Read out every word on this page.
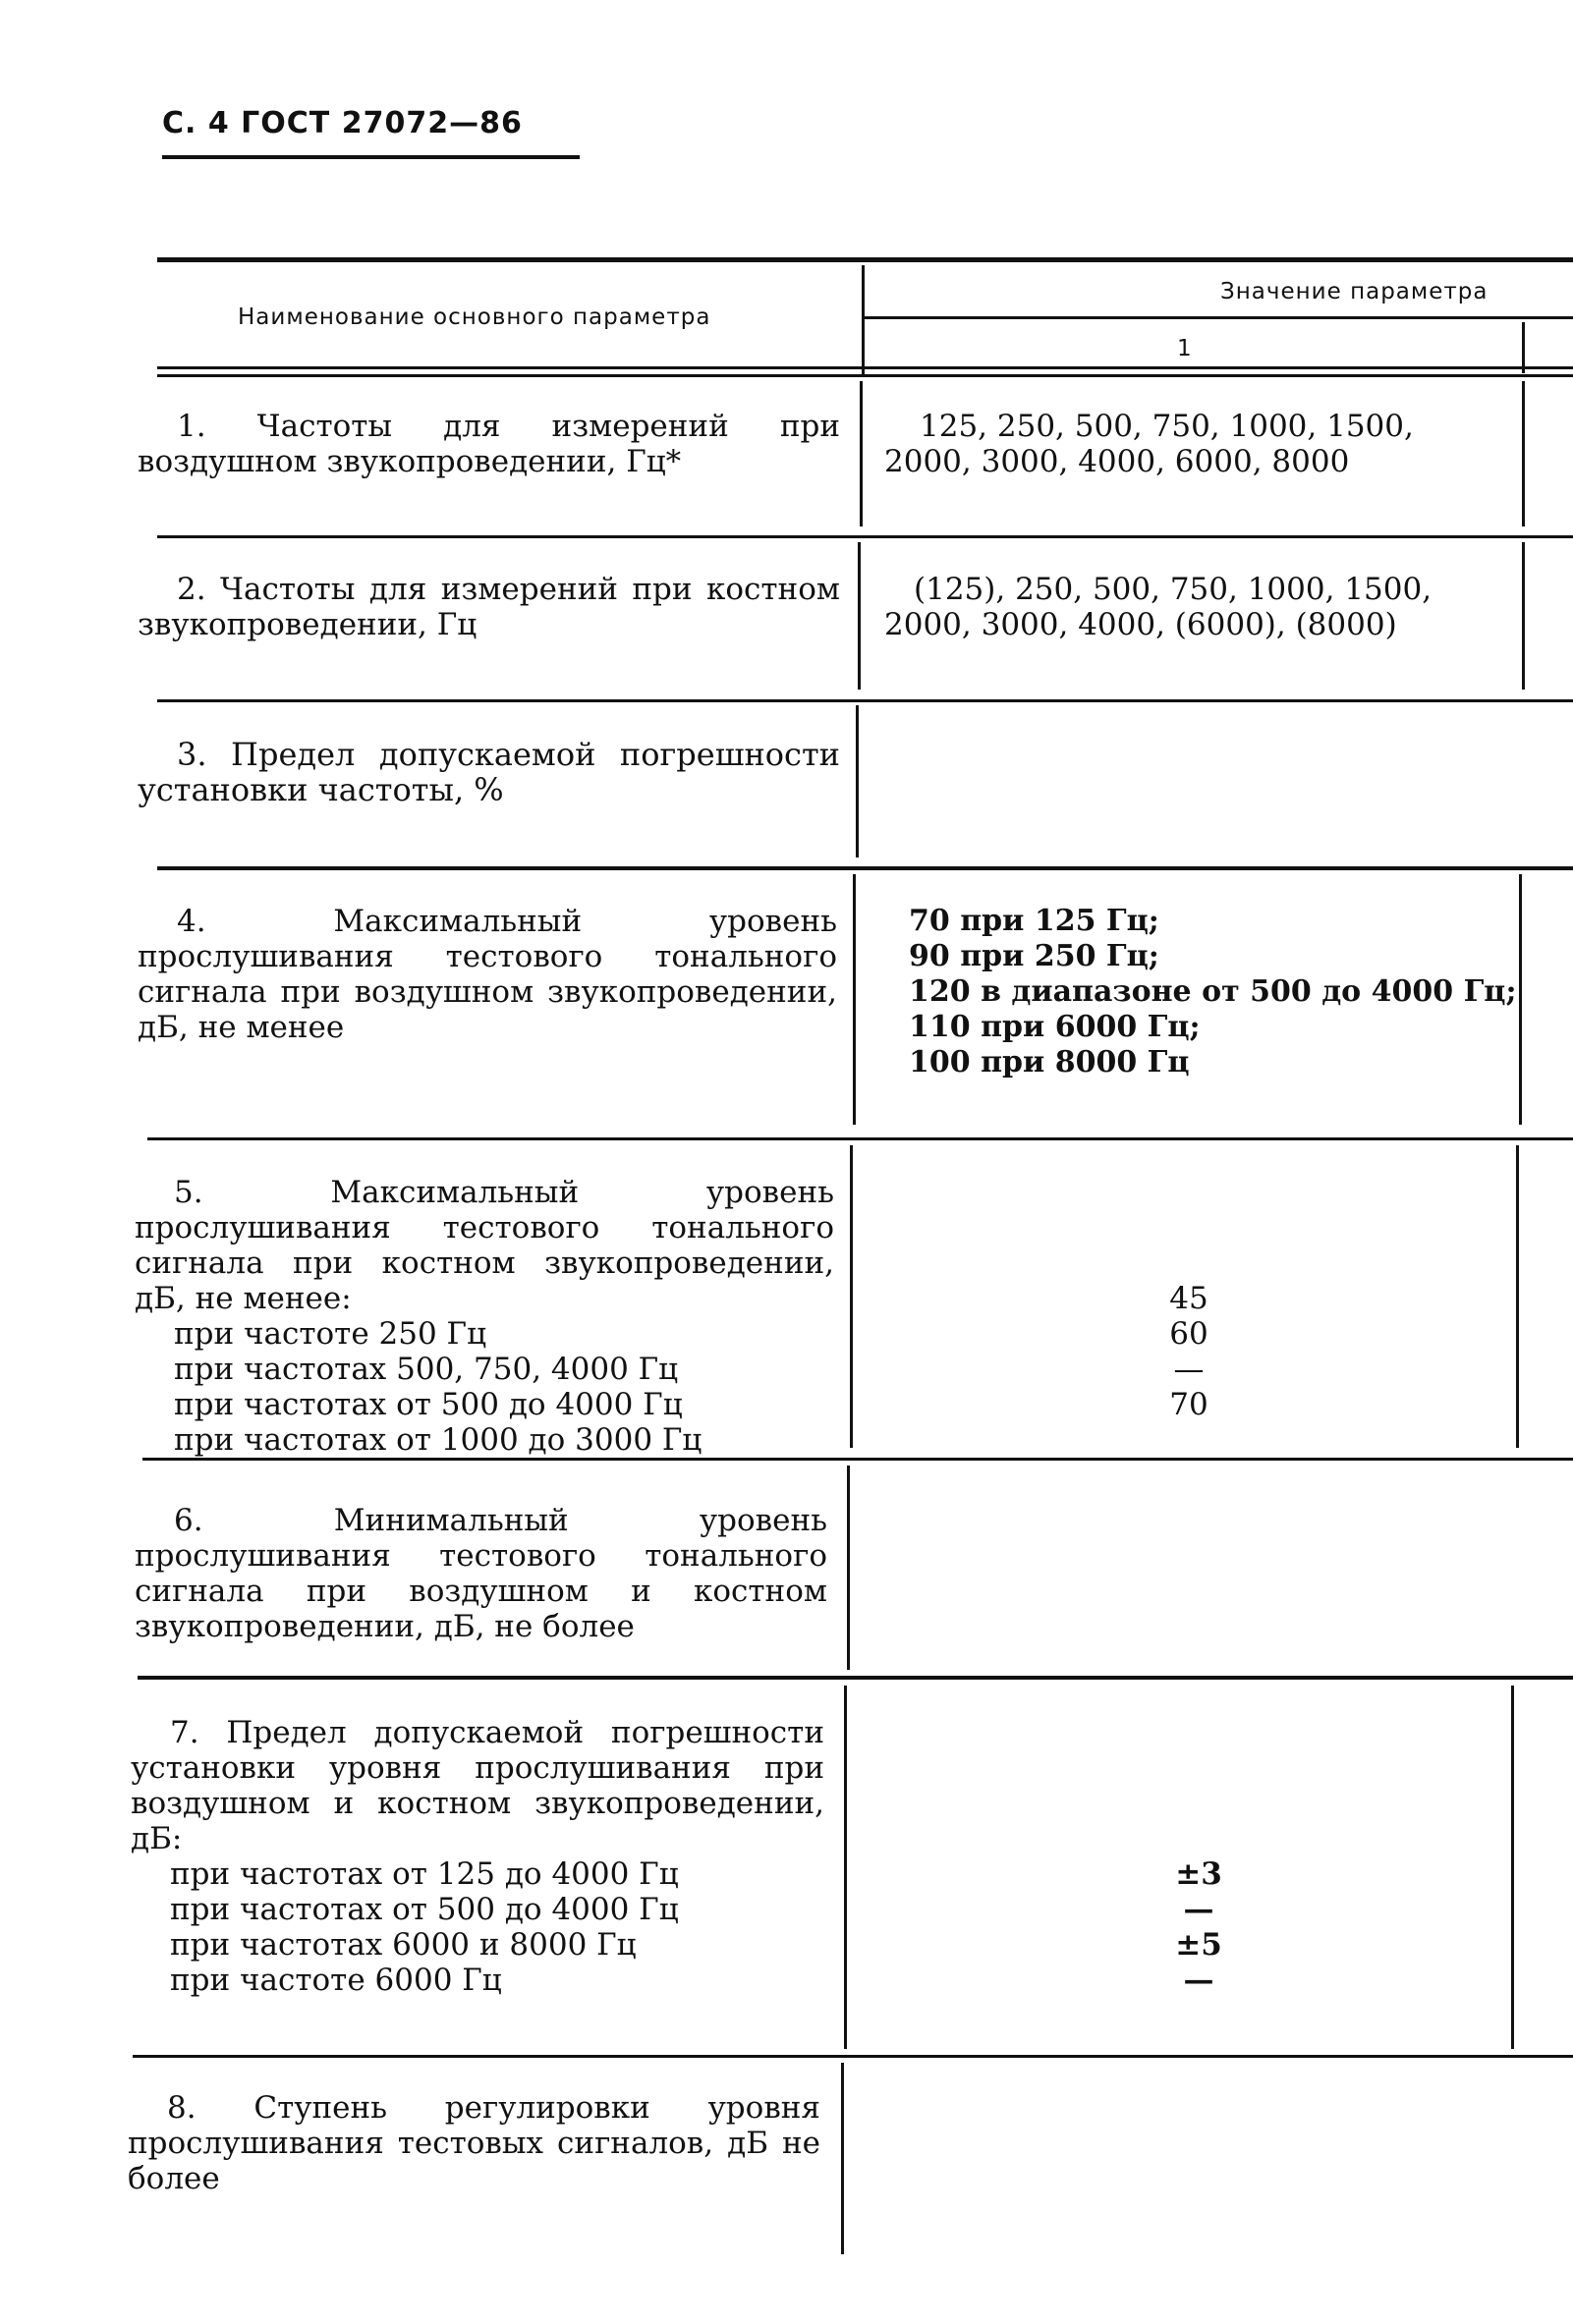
С. 4 ГОСТ 27072—86
Наименование основного параметра
Значение параметра
1

1. Частоты для измерений при воздушном звукопроведении, Гц*

125, 250, 500, 750, 1000, 1500,

2000, 3000, 4000, 6000, 8000

2. Частоты для измерений при костном звукопроведении, Гц

(125), 250, 500, 750, 1000, 1500,

2000, 3000, 4000, (6000), (8000)

3. Предел допускаемой погрешности установки частоты, %

4. Максимальный уровень прослушивания тестового тонального сигнала при воздушном звукопроведении, дБ, не менее

70 при 125 Гц;

90 при 250 Гц;

120 в диапазоне от 500 до 4000 Гц;

110 при 6000 Гц;

100 при 8000 Гц

5. Максимальный уровень прослушивания тестового тонального сигнала при костном звукопроведении, дБ, не менее:

при частоте 250 Гц

при частотах 500, 750, 4000 Гц

при частотах от 500 до 4000 Гц

при частотах от 1000 до 3000 Гц

45

60

—

70

6. Минимальный уровень прослушивания тестового тонального сигнала при воздушном и костном звукопроведении, дБ, не более

7. Предел допускаемой погрешности установки уровня прослушивания при воздушном и костном звукопроведении, дБ:

при частотах от 125 до 4000 Гц

при частотах от 500 до 4000 Гц

при частотах 6000 и 8000 Гц

при частоте 6000 Гц

±3

—

±5

—

8. Ступень регулировки уровня прослушивания тестовых сигналов, дБ не более
